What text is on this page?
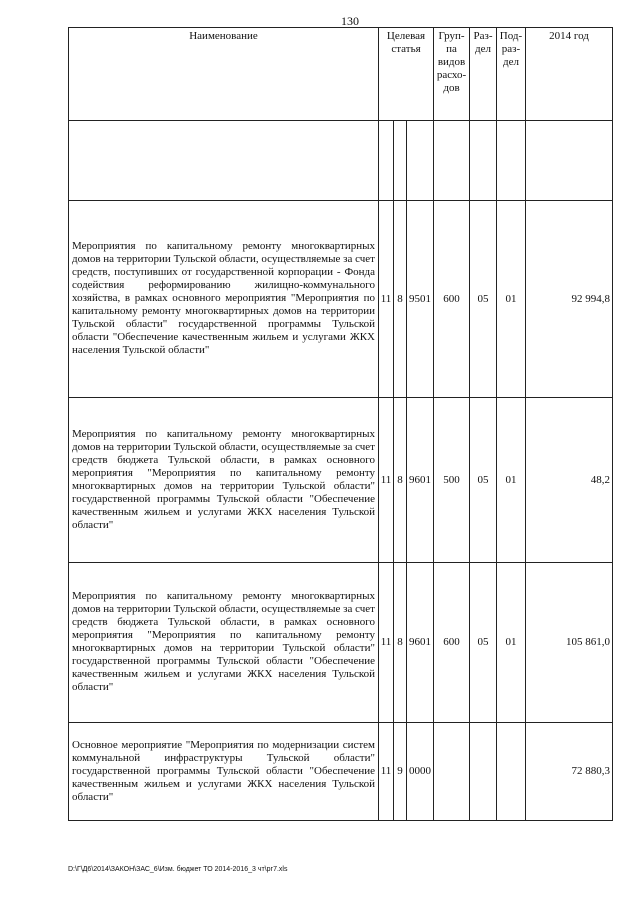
130
Наименование	Целевая статья			Груп-па видов расхо-дов	Раз-дел	Под-раз-дел	2014 год

Мероприятия по капитальному ремонту многоквартирных домов на территории Тульской области, осуществляемые за счет средств, поступивших от государственной корпорации - Фонда содействия реформированию жилищно-коммунального хозяйства, в рамках основного мероприятия "Мероприятия по капитальному ремонту многоквартирных домов на территории Тульской области" государственной программы Тульской области "Обеспечение качественным жильем и услугами ЖКХ населения Тульской области"	11	8	9501	600	05	01	92 994,8
Мероприятия по капитальному ремонту многоквартирных домов на территории Тульской области, осуществляемые за счет средств бюджета Тульской области, в рамках основного мероприятия "Мероприятия по капитальному ремонту многоквартирных домов на территории Тульской области" государственной программы Тульской области "Обеспечение качественным жильем и услугами ЖКХ населения Тульской области"	11	8	9601	500	05	01	48,2
Мероприятия по капитальному ремонту многоквартирных домов на территории Тульской области, осуществляемые за счет средств бюджета Тульской области, в рамках основного мероприятия "Мероприятия по капитальному ремонту многоквартирных домов на территории Тульской области" государственной программы Тульской области "Обеспечение качественным жильем и услугами ЖКХ населения Тульской области"	11	8	9601	600	05	01	105 861,0
Основное мероприятие "Мероприятия по модернизации систем коммунальной инфраструктуры Тульской области" государственной программы Тульской области "Обеспечение качественным жильем и услугами ЖКХ населения Тульской области"	11	9	0000				72 880,3
D:\Г\Д6\2014\ЗАКОН\ЗАС_6\Изм. бюджет ТО 2014-2016_3 чт\рг7.xls
